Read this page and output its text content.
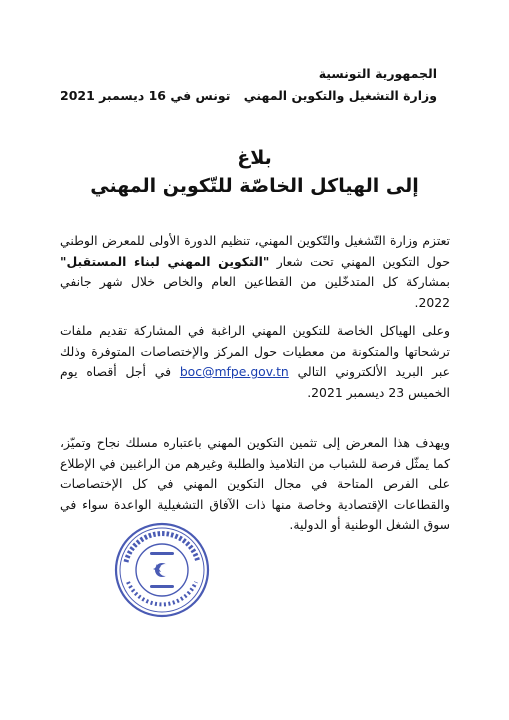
الجمهورية التونسية
وزارة التشغيل والتكوين المهني
تونس في 16 ديسمبر 2021
بلاغ
إلى الهياكل الخاصّة للتّكوين المهني
تعتزم وزارة التّشغيل والتّكوين المهني، تنظيم الدورة الأولى للمعرض الوطني حول التكوين المهني تحت شعار "التكوين المهني لبناء المستقبل" بمشاركة كل المتدخّلين من القطاعين العام والخاص خلال شهر جانفي 2022.
وعلى الهياكل الخاصة للتكوين المهني الراغبة في المشاركة تقديم ملفات ترشحاتها والمتكونة من معطيات حول المركز والإختصاصات المتوفرة وذلك عبر البريد الألكتروني التالي boc@mfpe.gov.tn في أجل أقصاه يوم الخميس 23 ديسمبر 2021.
ويهدف هذا المعرض إلى تثمين التكوين المهني باعتباره مسلك نجاح وتميّز، كما يمثّل فرصة للشباب من التلاميذ والطلبة وغيرهم من الراغبين في الإطلاع على الفرص المتاحة في مجال التكوين المهني في كل الإختصاصات والقطاعات الإقتصادية وخاصة منها ذات الآفاق التشغيلية الواعدة سواء في سوق الشغل الوطنية أو الدولية.
